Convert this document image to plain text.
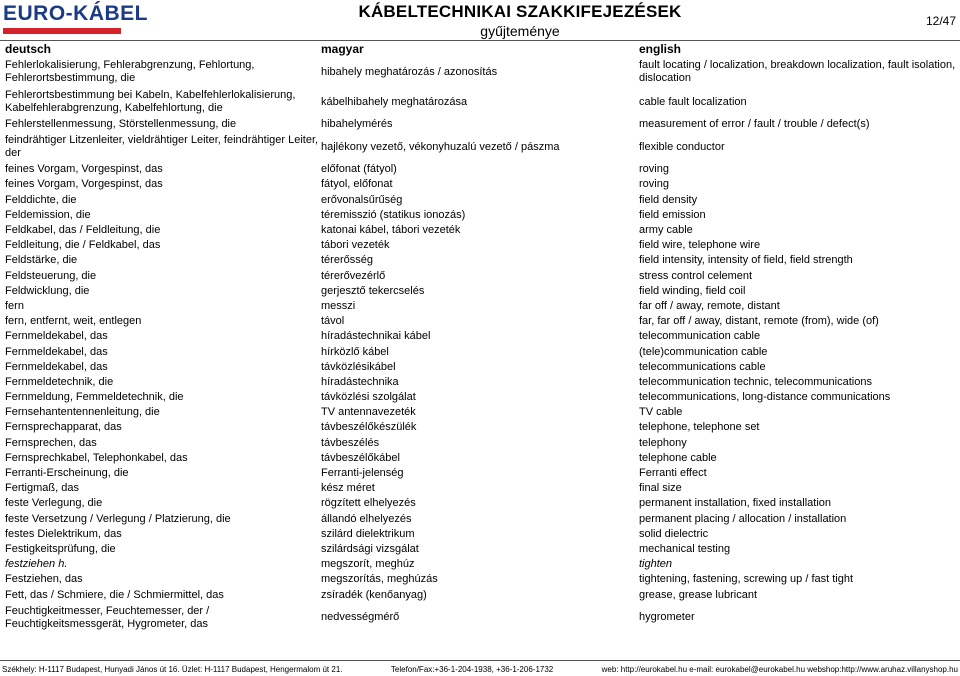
EURO-KÁBEL	KÁBELTECHNIKAI SZAKKIFEJEZÉSEK
gyűjteménye
12/47
deutsch	magyar	english
Fehlerlokalisierung, Fehlerabgrenzung, Fehlortung, Fehlerortsbestimmung, die	hibahely meghatározás / azonosítás	fault locating / localization, breakdown localization, fault isolation, dislocation
Fehlerortsbestimmung bei Kabeln, Kabelfehlerlokalisierung, Kabelfehlerabgrenzung, Kabelfehlortung, die	kábelhibahely meghatározása	cable fault localization
Fehlerstellenmessung, Störstellenmessung, die	hibahelymérés	measurement of error / fault / trouble / defect(s)
feindrähtiger Litzenleiter, vieldrähtiger Leiter, feindrähtiger Leiter, der	hajlékony vezető, vékonyhuzalú vezető / pászma	flexible conductor
feines Vorgam, Vorgespinst, das	előfonat (fátyol)	roving
feines Vorgam, Vorgespinst, das	fátyol, előfonat	roving
Felddichte, die	erővonalsűrűség	field density
Feldemission, die	téremisszió (statikus ionozás)	field emission
Feldkabel, das / Feldleitung, die	katonai kábel, tábori vezeték	army cable
Feldleitung, die / Feldkabel, das	tábori vezeték	field wire, telephone wire
Feldstärke, die	térerősség	field intensity, intensity of field, field strength
Feldsteuerung, die	térerővezérlő	stress control celement
Feldwicklung, die	gerjesztő tekercselés	field winding, field coil
fern	messzi	far off / away, remote, distant
fern, entfernt, weit, entlegen	távol	far, far off / away, distant, remote (from), wide (of)
Fernmeldekabel, das	híradástechnikai kábel	telecommunication cable
Fernmeldekabel, das	hírközlő kábel	(tele)communication cable
Fernmeldekabel, das	távközlésikábel	telecommunications cable
Fernmeldetechnik, die	híradástechnika	telecommunication technic, telecommunications
Fernmeldung, Femmeldetechnik, die	távközlési szolgálat	telecommunications, long-distance communications
Fernsehantentennenleitung, die	TV antennavezeték	TV cable
Fernsprechapparat, das	távbeszélőkészülék	telephone, telephone set
Fernsprechen, das	távbeszélés	telephony
Fernsprechkabel, Telephonkabel, das	távbeszélőkábel	telephone cable
Ferranti-Erscheinung, die	Ferranti-jelenség	Ferranti effect
Fertigmaß, das	kész méret	final size
feste Verlegung, die	rögzített elhelyezés	permanent installation, fixed installation
feste Versetzung / Verlegung / Platzierung, die	állandó elhelyezés	permanent placing / allocation / installation
festes Dielektrikum, das	szilárd dielektrikum	solid dielectric
Festigkeitsprüfung, die	szilárdsági vizsgálat	mechanical testing
festziehen h.	megszorít, meghúz	tighten
Festziehen, das	megszorítás, meghúzás	tightening, fastening, screwing up / fast tight
Fett, das / Schmiere, die / Schmiermittel, das	zsíradék (kenőanyag)	grease, grease lubricant
Feuchtigkeitmesser, Feuchtemesser, der / Feuchtigkeitsmessgerät, Hygrometer, das	nedvességmérő	hygrometer
Székhely: H-1117 Budapest, Hunyadi János út 16. Üzlet: H-1117 Budapest, Hengermalom út 21.	Telefon/Fax:+36-1-204-1938, +36-1-206-1732	web: http://eurokabel.hu e-mail: eurokabel@eurokabel.hu webshop:http://www.aruhaz.villanyshop.hu
